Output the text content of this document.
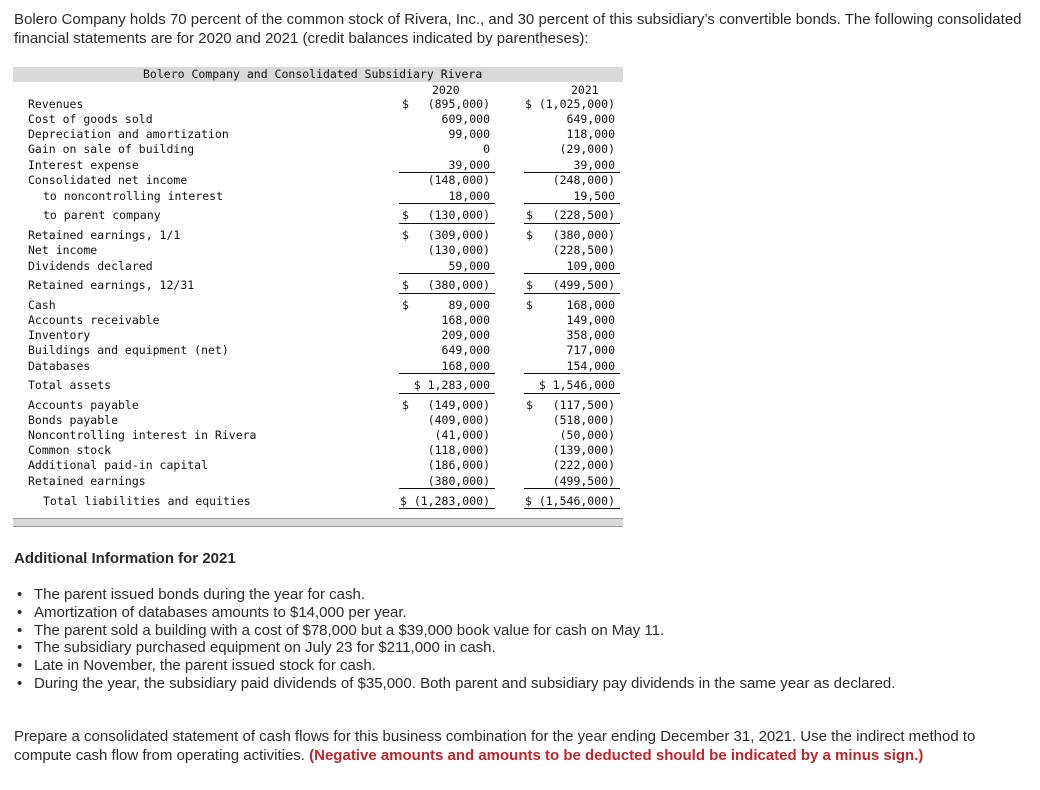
Bolero Company holds 70 percent of the common stock of Rivera, Inc., and 30 percent of this subsidiary’s convertible bonds. The following consolidated financial statements are for 2020 and 2021 (credit balances indicated by parentheses):
Bolero Company and Consolidated Subsidiary Rivera
2020	2021
Revenues	$ (895,000)	$ (1,025,000)
Cost of goods sold	609,000	649,000
Depreciation and amortization	99,000	118,000
Gain on sale of building	0	(29,000)
Interest expense	39,000	39,000
Consolidated net income	(148,000)	(248,000)
to noncontrolling interest	18,000	19,500
to parent company	$ (130,000)	$ (228,500)
Retained earnings, 1/1	$ (309,000)	$ (380,000)
Net income	(130,000)	(228,500)
Dividends declared	59,000	109,000
Retained earnings, 12/31	$ (380,000)	$ (499,500)
Cash	$	89,000	$	168,000
Accounts receivable	168,000	149,000
Inventory	209,000	358,000
Buildings and equipment (net)	649,000	717,000
Databases	168,000	154,000
Total assets	$ 1,283,000	$ 1,546,000
Accounts payable	$ (149,000)	$ (117,500)
Bonds payable	(409,000)	(518,000)
Noncontrolling interest in Rivera	(41,000)	(50,000)
Common stock	(118,000)	(139,000)
Additional paid-in capital	(186,000)	(222,000)
Retained earnings	(380,000)	(499,500)
Total liabilities and equities	$ (1,283,000)	$ (1,546,000)
Additional Information for 2021
• The parent issued bonds during the year for cash.
• Amortization of databases amounts to $14,000 per year.
• The parent sold a building with a cost of $78,000 but a $39,000 book value for cash on May 11.
• The subsidiary purchased equipment on July 23 for $211,000 in cash.
• Late in November, the parent issued stock for cash.
• During the year, the subsidiary paid dividends of $35,000. Both parent and subsidiary pay dividends in the same year as declared.
Prepare a consolidated statement of cash flows for this business combination for the year ending December 31, 2021. Use the indirect method to compute cash flow from operating activities. (Negative amounts and amounts to be deducted should be indicated by a minus sign.)
